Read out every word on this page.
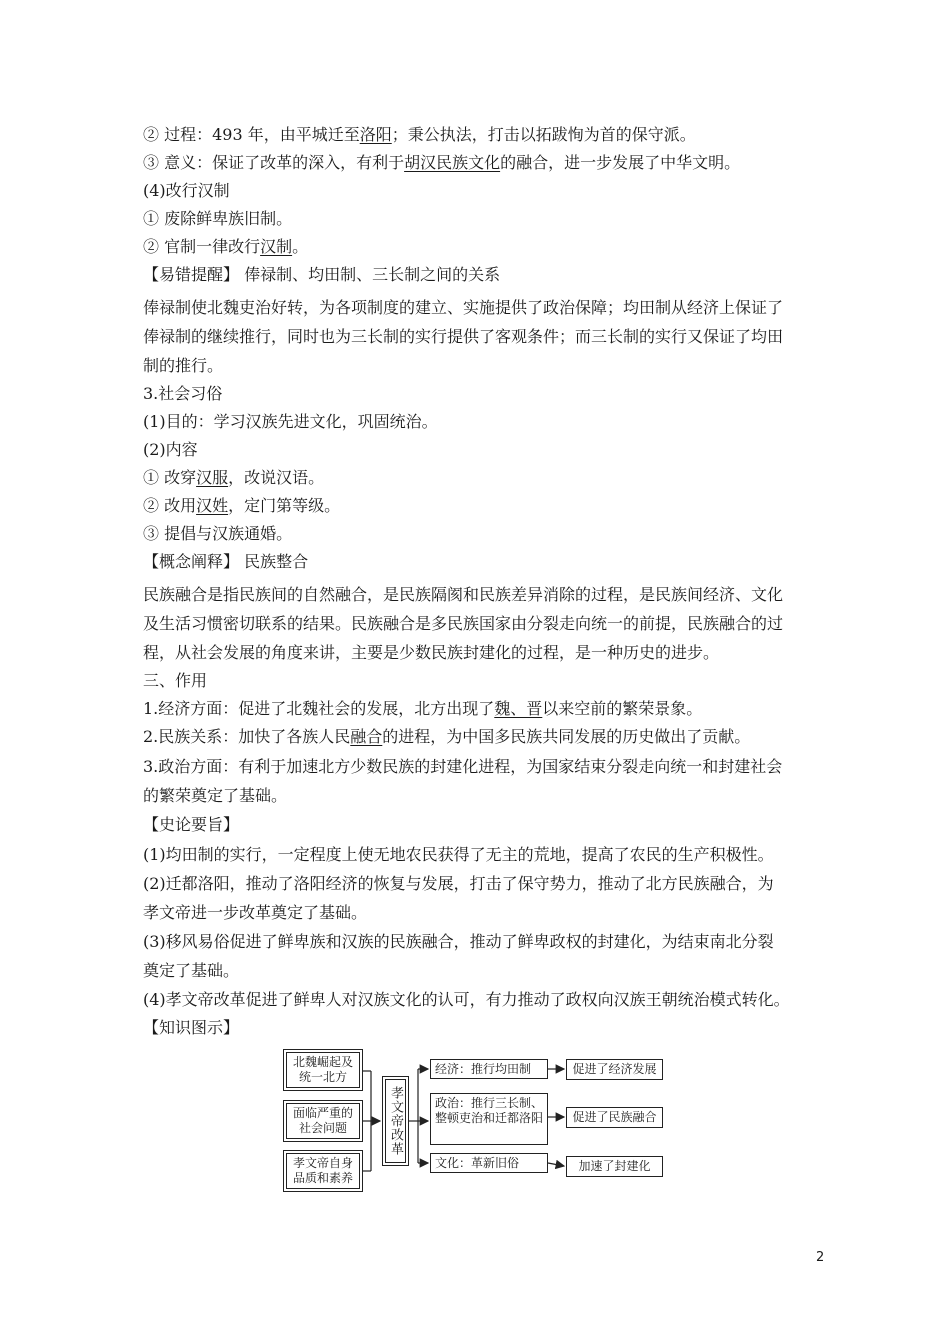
② 过程：493 年，由平城迁至洛阳；秉公执法，打击以拓跋恂为首的保守派。
③ 意义：保证了改革的深入，有利于胡汉民族文化的融合，进一步发展了中华文明。
(4)改行汉制
① 废除鲜卑族旧制。
② 官制一律改行汉制。
【易错提醒】 俸禄制、均田制、三长制之间的关系
俸禄制使北魏吏治好转，为各项制度的建立、实施提供了政治保障；均田制从经济上保证了
俸禄制的继续推行，同时也为三长制的实行提供了客观条件；而三长制的实行又保证了均田
制的推行。
3.社会习俗
(1)目的：学习汉族先进文化，巩固统治。
(2)内容
① 改穿汉服，改说汉语。
② 改用汉姓，定门第等级。
③ 提倡与汉族通婚。
【概念阐释】 民族整合
民族融合是指民族间的自然融合，是民族隔阂和民族差异消除的过程，是民族间经济、文化
及生活习惯密切联系的结果。民族融合是多民族国家由分裂走向统一的前提，民族融合的过
程，从社会发展的角度来讲，主要是少数民族封建化的过程，是一种历史的进步。
三、作用
1.经济方面：促进了北魏社会的发展，北方出现了魏、晋以来空前的繁荣景象。
2.民族关系：加快了各族人民融合的进程，为中国多民族共同发展的历史做出了贡献。
3.政治方面：有利于加速北方少数民族的封建化进程，为国家结束分裂走向统一和封建社会
的繁荣奠定了基础。
【史论要旨】
(1)均田制的实行，一定程度上使无地农民获得了无主的荒地，提高了农民的生产积极性。
(2)迁都洛阳，推动了洛阳经济的恢复与发展，打击了保守势力，推动了北方民族融合，为
孝文帝进一步改革奠定了基础。
(3)移风易俗促进了鲜卑族和汉族的民族融合，推动了鲜卑政权的封建化，为结束南北分裂
奠定了基础。
(4)孝文帝改革促进了鲜卑人对汉族文化的认可，有力推动了政权向汉族王朝统治模式转化。
【知识图示】
北魏崛起及统一北方
面临严重的社会问题
孝文帝自身品质和素养
孝文帝改革
经济：推行均田制
政治：推行三长制、整顿吏治和迁都洛阳
文化：革新旧俗
促进了经济发展
促进了民族融合
加速了封建化
2
